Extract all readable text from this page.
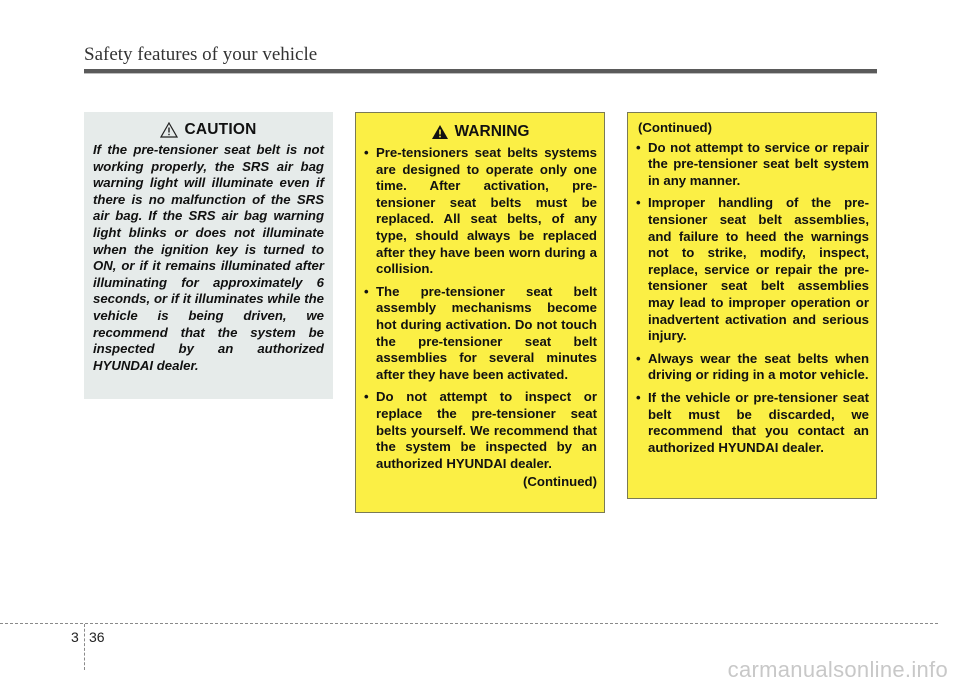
Safety features of your vehicle
CAUTION
If the pre-tensioner seat belt is not working properly, the SRS air bag warning light will illuminate even if there is no malfunction of the SRS air bag. If the SRS air bag warning light blinks or does not illuminate when the ignition key is turned to ON, or if it remains illuminated after illuminating for approximately 6 seconds, or if it illuminates while the vehicle is being driven, we recommend that the system be inspected by an authorized HYUNDAI dealer.
WARNING
• Pre-tensioners seat belts systems are designed to operate only one time. After activation, pre-tensioner seat belts must be replaced. All seat belts, of any type, should always be replaced after they have been worn during a collision.
• The pre-tensioner seat belt assembly mechanisms become hot during activation. Do not touch the pre-tensioner seat belt assemblies for several minutes after they have been activated.
• Do not attempt to inspect or replace the pre-tensioner seat belts yourself. We recommend that the system be inspected by an authorized HYUNDAI dealer.
(Continued)
(Continued)
• Do not attempt to service or repair the pre-tensioner seat belt system in any manner.
• Improper handling of the pre-tensioner seat belt assemblies, and failure to heed the warnings not to strike, modify, inspect, replace, service or repair the pre-tensioner seat belt assemblies may lead to improper operation or inadvertent activation and serious injury.
• Always wear the seat belts when driving or riding in a motor vehicle.
• If the vehicle or pre-tensioner seat belt must be discarded, we recommend that you contact an authorized HYUNDAI dealer.
3 36
carmanualsonline.info
